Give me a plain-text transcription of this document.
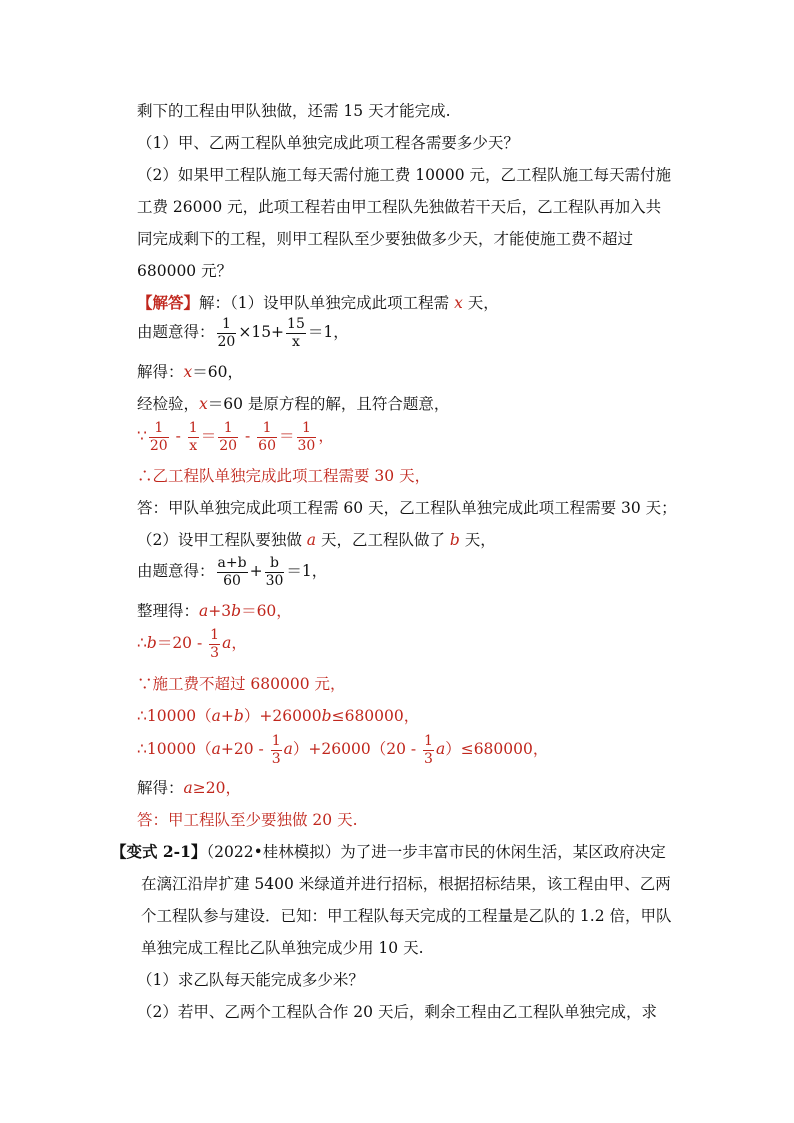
剩下的工程由甲队独做，还需 15 天才能完成.
（1）甲、乙两工程队单独完成此项工程各需要多少天？
（2）如果甲工程队施工每天需付施工费 10000 元，乙工程队施工每天需付施
工费 26000 元，此项工程若由甲工程队先独做若干天后，乙工程队再加入共
同完成剩下的工程，则甲工程队至少要独做多少天，才能使施工费不超过
680000 元？
【解答】解：（1）设甲队单独完成此项工程需 x 天，
由题意得： $\frac{1}{20} \times 15+ \frac{15}{x} =1$，
解得：x＝60，
经检验，x＝60 是原方程的解，且符合题意，
∵ $\frac{1}{20} - \frac{1}{x} = \frac{1}{20} - \frac{1}{60} = \frac{1}{30}$ ，
∴乙工程队单独完成此项工程需要 30 天，
答：甲队单独完成此项工程需 60 天，乙工程队单独完成此项工程需要 30 天；
（2）设甲工程队要独做 a 天，乙工程队做了 b 天，
由题意得： $\frac{a+b}{60} + \frac{b}{30} =1$，
整理得：a+3b＝60，
∴b＝20 - $\frac{1}{3}$ a，
∵施工费不超过 680000 元，
∴10000（a+b）+26000b≤680000，
∴10000（a+20 - $\frac{1}{3} a)+26000(20 - \frac{1}{3} a)\le 680000$，
解得：a≥20，
答：甲工程队至少要独做 20 天.
【变式 2-1】（2022•桂林模拟）为了进一步丰富市民的休闲生活，某区政府决定
在漓江沿岸扩建 5400 米绿道并进行招标，根据招标结果，该工程由甲、乙两
个工程队参与建设．已知：甲工程队每天完成的工程量是乙队的 1.2 倍，甲队
单独完成工程比乙队单独完成少用 10 天.
（1）求乙队每天能完成多少米？
（2）若甲、乙两个工程队合作 20 天后，剩余工程由乙工程队单独完成，求
